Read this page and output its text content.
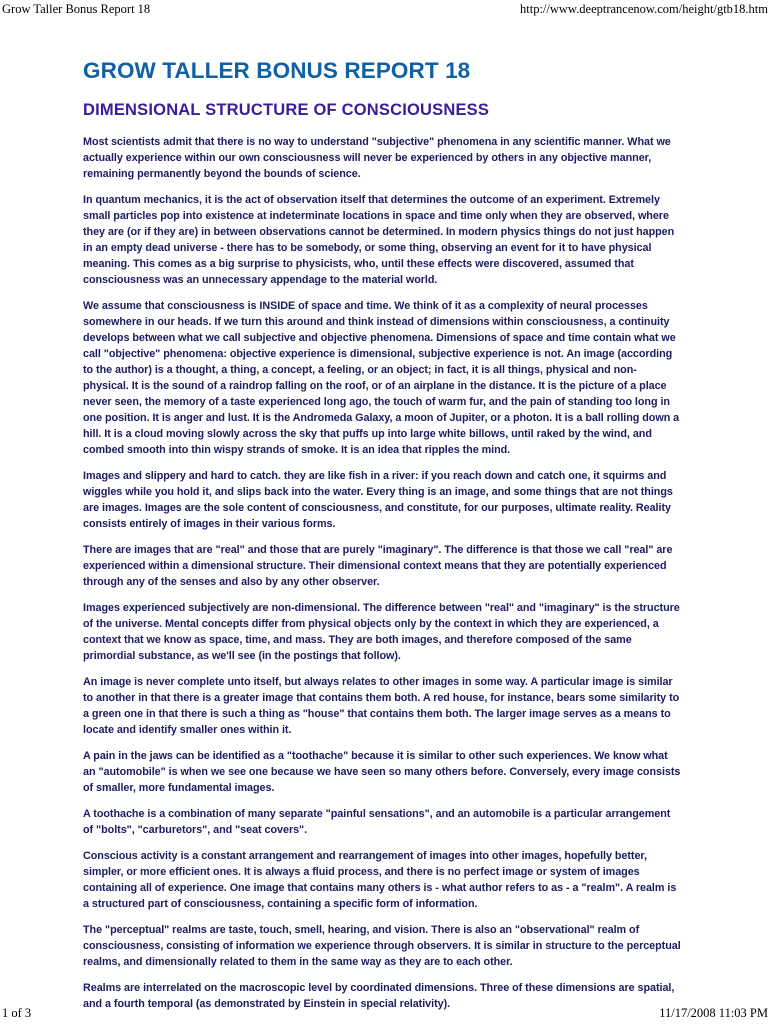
Grow Taller Bonus Report 18	http://www.deeptrancenow.com/height/gtb18.htm
GROW TALLER BONUS REPORT 18
DIMENSIONAL STRUCTURE OF CONSCIOUSNESS

Most scientists admit that there is no way to understand "subjective" phenomena in any scientific manner. What we actually experience within our own consciousness will never be experienced by others in any objective manner, remaining permanently beyond the bounds of science.

In quantum mechanics, it is the act of observation itself that determines the outcome of an experiment. Extremely small particles pop into existence at indeterminate locations in space and time only when they are observed, where they are (or if they are) in between observations cannot be determined. In modern physics things do not just happen in an empty dead universe - there has to be somebody, or some thing, observing an event for it to have physical meaning. This comes as a big surprise to physicists, who, until these effects were discovered, assumed that consciousness was an unnecessary appendage to the material world.

We assume that consciousness is INSIDE of space and time. We think of it as a complexity of neural processes somewhere in our heads. If we turn this around and think instead of dimensions within consciousness, a continuity develops between what we call subjective and objective phenomena. Dimensions of space and time contain what we call "objective" phenomena: objective experience is dimensional, subjective experience is not. An image (according to the author) is a thought, a thing, a concept, a feeling, or an object; in fact, it is all things, physical and non- physical. It is the sound of a raindrop falling on the roof, or of an airplane in the distance. It is the picture of a place never seen, the memory of a taste experienced long ago, the touch of warm fur, and the pain of standing too long in one position. It is anger and lust. It is the Andromeda Galaxy, a moon of Jupiter, or a photon. It is a ball rolling down a hill. It is a cloud moving slowly across the sky that puffs up into large white billows, until raked by the wind, and combed smooth into thin wispy strands of smoke. It is an idea that ripples the mind.

Images and slippery and hard to catch. they are like fish in a river: if you reach down and catch one, it squirms and wiggles while you hold it, and slips back into the water. Every thing is an image, and some things that are not things are images. Images are the sole content of consciousness, and constitute, for our purposes, ultimate reality. Reality consists entirely of images in their various forms.

There are images that are "real" and those that are purely "imaginary". The difference is that those we call "real" are experienced within a dimensional structure. Their dimensional context means that they are potentially experienced through any of the senses and also by any other observer.

Images experienced subjectively are non-dimensional. The difference between "real" and "imaginary" is the structure of the universe. Mental concepts differ from physical objects only by the context in which they are experienced, a context that we know as space, time, and mass. They are both images, and therefore composed of the same primordial substance, as we'll see (in the postings that follow).

An image is never complete unto itself, but always relates to other images in some way. A particular image is similar to another in that there is a greater image that contains them both. A red house, for instance, bears some similarity to a green one in that there is such a thing as "house" that contains them both. The larger image serves as a means to locate and identify smaller ones within it.

A pain in the jaws can be identified as a "toothache" because it is similar to other such experiences. We know what an "automobile" is when we see one because we have seen so many others before. Conversely, every image consists of smaller, more fundamental images.

A toothache is a combination of many separate "painful sensations", and an automobile is a particular arrangement of "bolts", "carburetors", and "seat covers".

Conscious activity is a constant arrangement and rearrangement of images into other images, hopefully better, simpler, or more efficient ones. It is always a fluid process, and there is no perfect image or system of images containing all of experience. One image that contains many others is - what author refers to as - a "realm". A realm is a structured part of consciousness, containing a specific form of information.

The "perceptual" realms are taste, touch, smell, hearing, and vision. There is also an "observational" realm of consciousness, consisting of information we experience through observers. It is similar in structure to the perceptual realms, and dimensionally related to them in the same way as they are to each other.

Realms are interrelated on the macroscopic level by coordinated dimensions. Three of these dimensions are spatial, and a fourth temporal (as demonstrated by Einstein in special relativity).

1 of 3	11/17/2008 11:03 PM
